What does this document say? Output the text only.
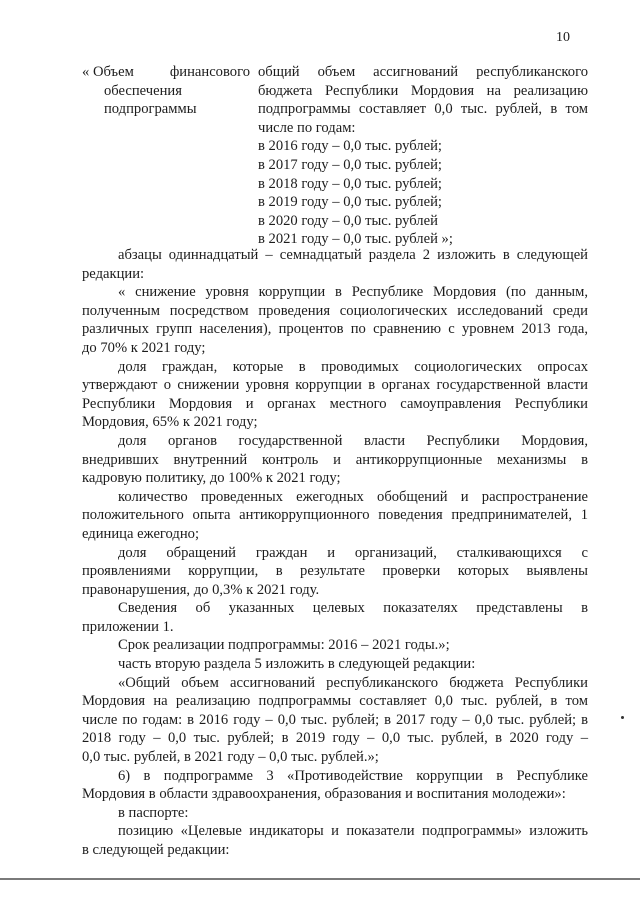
10
« Объем финансового
обеспечения
подпрограммы
общий объем ассигнований республиканского
бюджета Республики Мордовия на реализацию
подпрограммы составляет 0,0 тыс. рублей, в том
числе по годам:
в 2016 году – 0,0 тыс. рублей;
в 2017 году – 0,0 тыс. рублей;
в 2018 году – 0,0 тыс. рублей;
в 2019 году – 0,0 тыс. рублей;
в 2020 году – 0,0 тыс. рублей
в 2021 году – 0,0 тыс. рублей »;
абзацы одиннадцатый – семнадцатый раздела 2 изложить в следующей
редакции:
« снижение уровня коррупции в Республике Мордовия (по данным,
полученным посредством проведения социологических исследований среди
различных групп населения), процентов по сравнению с уровнем 2013 года,
до 70% к 2021 году;
доля граждан, которые в проводимых социологических опросах
утверждают о снижении уровня коррупции в органах государственной власти
Республики Мордовия и органах местного самоуправления Республики
Мордовия, 65% к 2021 году;
доля органов государственной власти Республики Мордовия,
внедривших внутренний контроль и антикоррупционные механизмы в
кадровую политику, до 100% к 2021 году;
количество проведенных ежегодных обобщений и распространение
положительного опыта антикоррупционного поведения предпринимателей, 1
единица ежегодно;
доля обращений граждан и организаций, сталкивающихся с
проявлениями коррупции, в результате проверки которых выявлены
правонарушения, до 0,3% к 2021 году.
Сведения об указанных целевых показателях представлены в
приложении 1.
Срок реализации подпрограммы: 2016 – 2021 годы.»;
часть вторую раздела 5 изложить в следующей редакции:
«Общий объем ассигнований республиканского бюджета Республики
Мордовия на реализацию подпрограммы составляет 0,0 тыс. рублей, в том
числе по годам: в 2016 году – 0,0 тыс. рублей; в 2017 году – 0,0 тыс. рублей; в
2018 году – 0,0 тыс. рублей; в 2019 году – 0,0 тыс. рублей, в 2020 году –
0,0 тыс. рублей, в 2021 году – 0,0 тыс. рублей.»;
6) в подпрограмме 3 «Противодействие коррупции в Республике
Мордовия в области здравоохранения, образования и воспитания молодежи»:
в паспорте:
позицию «Целевые индикаторы и показатели подпрограммы» изложить
в следующей редакции:
